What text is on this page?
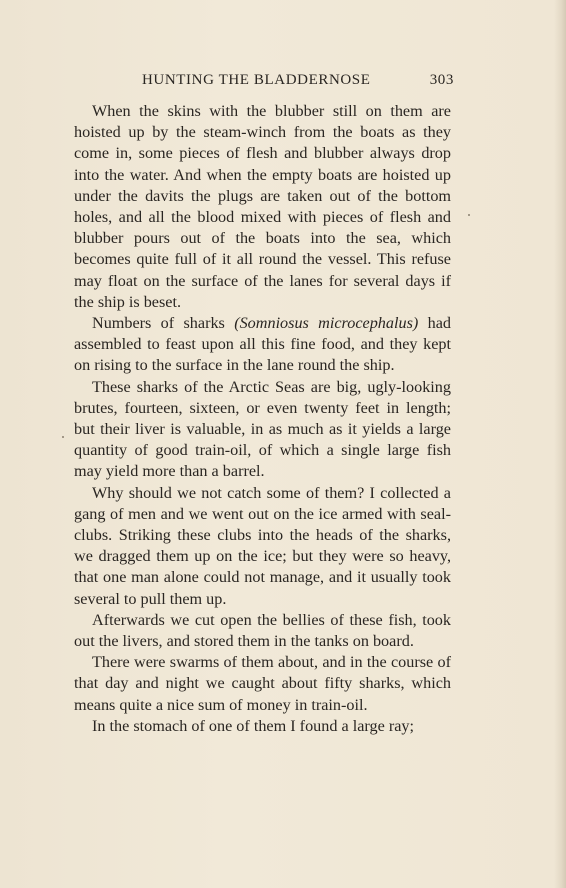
HUNTING THE BLADDERNOSE	303

When the skins with the blubber still on them are hoisted up by the steam-winch from the boats as they come in, some pieces of flesh and blubber always drop into the water. And when the empty boats are hoisted up under the davits the plugs are taken out of the bottom holes, and all the blood mixed with pieces of flesh and blubber pours out of the boats into the sea, which becomes quite full of it all round the vessel. This refuse may float on the surface of the lanes for several days if the ship is beset.

Numbers of sharks (Somniosus microcephalus) had assembled to feast upon all this fine food, and they kept on rising to the surface in the lane round the ship.

These sharks of the Arctic Seas are big, ugly-looking brutes, fourteen, sixteen, or even twenty feet in length; but their liver is valuable, in as much as it yields a large quantity of good train-oil, of which a single large fish may yield more than a barrel.

Why should we not catch some of them? I collected a gang of men and we went out on the ice armed with seal-clubs. Striking these clubs into the heads of the sharks, we dragged them up on the ice; but they were so heavy, that one man alone could not manage, and it usually took several to pull them up.

Afterwards we cut open the bellies of these fish, took out the livers, and stored them in the tanks on board.

There were swarms of them about, and in the course of that day and night we caught about fifty sharks, which means quite a nice sum of money in train-oil.

In the stomach of one of them I found a large ray;
